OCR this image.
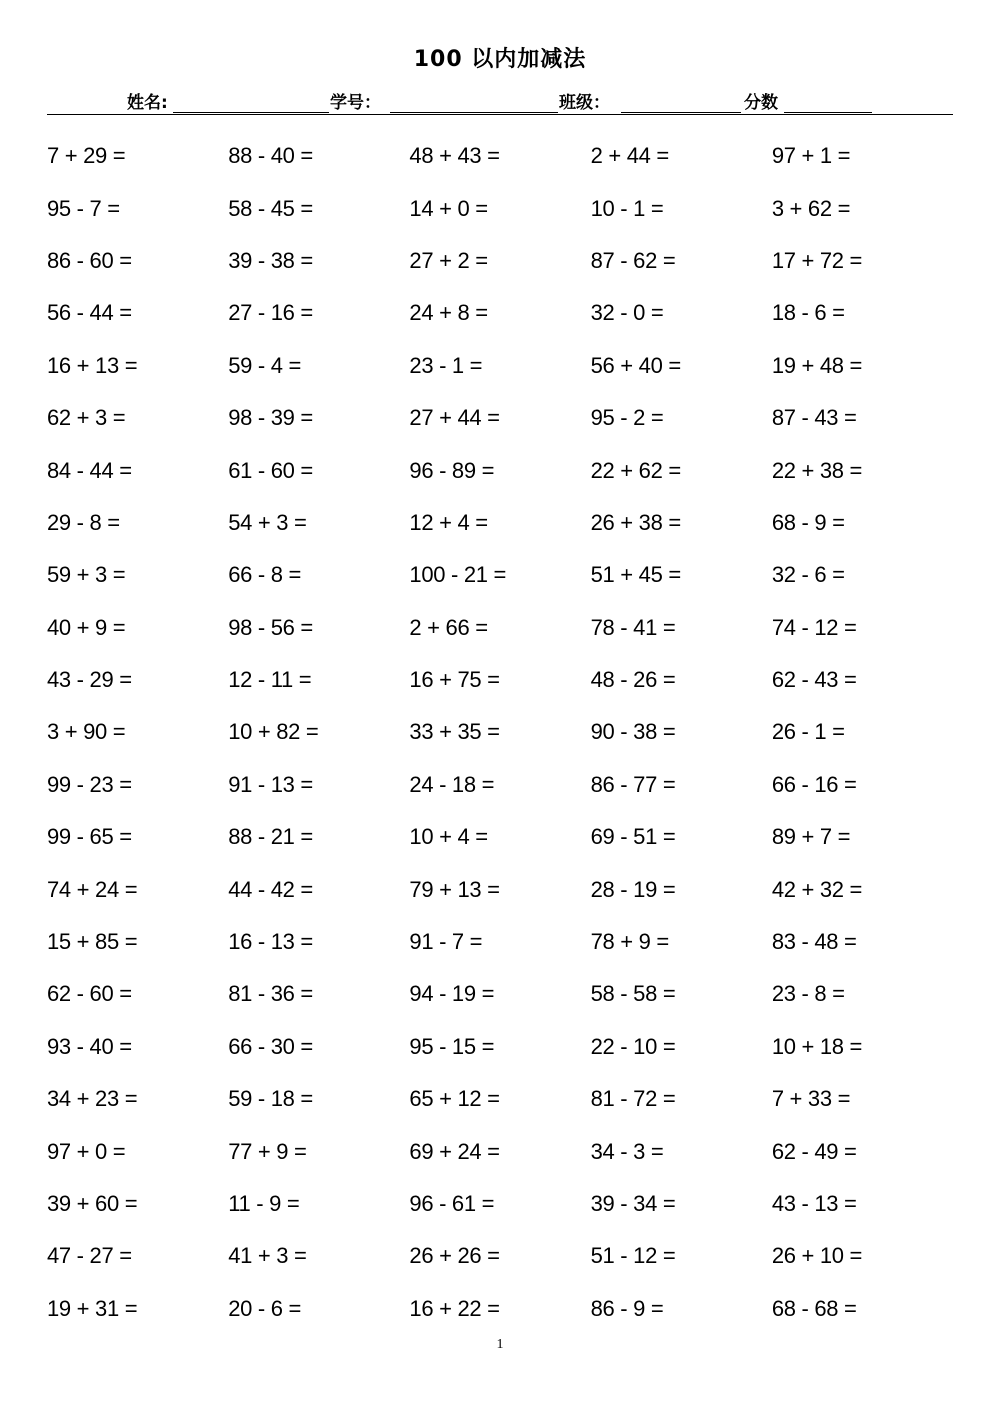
100 以内加减法
姓名:	学号：	班级：	分数
7 + 29 =	88 - 40 =	48 + 43 =	2 + 44 =	97 + 1 =
95 - 7 =	58 - 45 =	14 + 0 =	10 - 1 =	3 + 62 =
86 - 60 =	39 - 38 =	27 + 2 =	87 - 62 =	17 + 72 =
56 - 44 =	27 - 16 =	24 + 8 =	32 - 0 =	18 - 6 =
16 + 13 =	59 - 4 =	23 - 1 =	56 + 40 =	19 + 48 =
62 + 3 =	98 - 39 =	27 + 44 =	95 - 2 =	87 - 43 =
84 - 44 =	61 - 60 =	96 - 89 =	22 + 62 =	22 + 38 =
29 - 8 =	54 + 3 =	12 + 4 =	26 + 38 =	68 - 9 =
59 + 3 =	66 - 8 =	100 - 21 =	51 + 45 =	32 - 6 =
40 + 9 =	98 - 56 =	2 + 66 =	78 - 41 =	74 - 12 =
43 - 29 =	12 - 11 =	16 + 75 =	48 - 26 =	62 - 43 =
3 + 90 =	10 + 82 =	33 + 35 =	90 - 38 =	26 - 1 =
99 - 23 =	91 - 13 =	24 - 18 =	86 - 77 =	66 - 16 =
99 - 65 =	88 - 21 =	10 + 4 =	69 - 51 =	89 + 7 =
74 + 24 =	44 - 42 =	79 + 13 =	28 - 19 =	42 + 32 =
15 + 85 =	16 - 13 =	91 - 7 =	78 + 9 =	83 - 48 =
62 - 60 =	81 - 36 =	94 - 19 =	58 - 58 =	23 - 8 =
93 - 40 =	66 - 30 =	95 - 15 =	22 - 10 =	10 + 18 =
34 + 23 =	59 - 18 =	65 + 12 =	81 - 72 =	7 + 33 =
97 + 0 =	77 + 9 =	69 + 24 =	34 - 3 =	62 - 49 =
39 + 60 =	11 - 9 =	96 - 61 =	39 - 34 =	43 - 13 =
47 - 27 =	41 + 3 =	26 + 26 =	51 - 12 =	26 + 10 =
19 + 31 =	20 - 6 =	16 + 22 =	86 - 9 =	68 - 68 =
1
